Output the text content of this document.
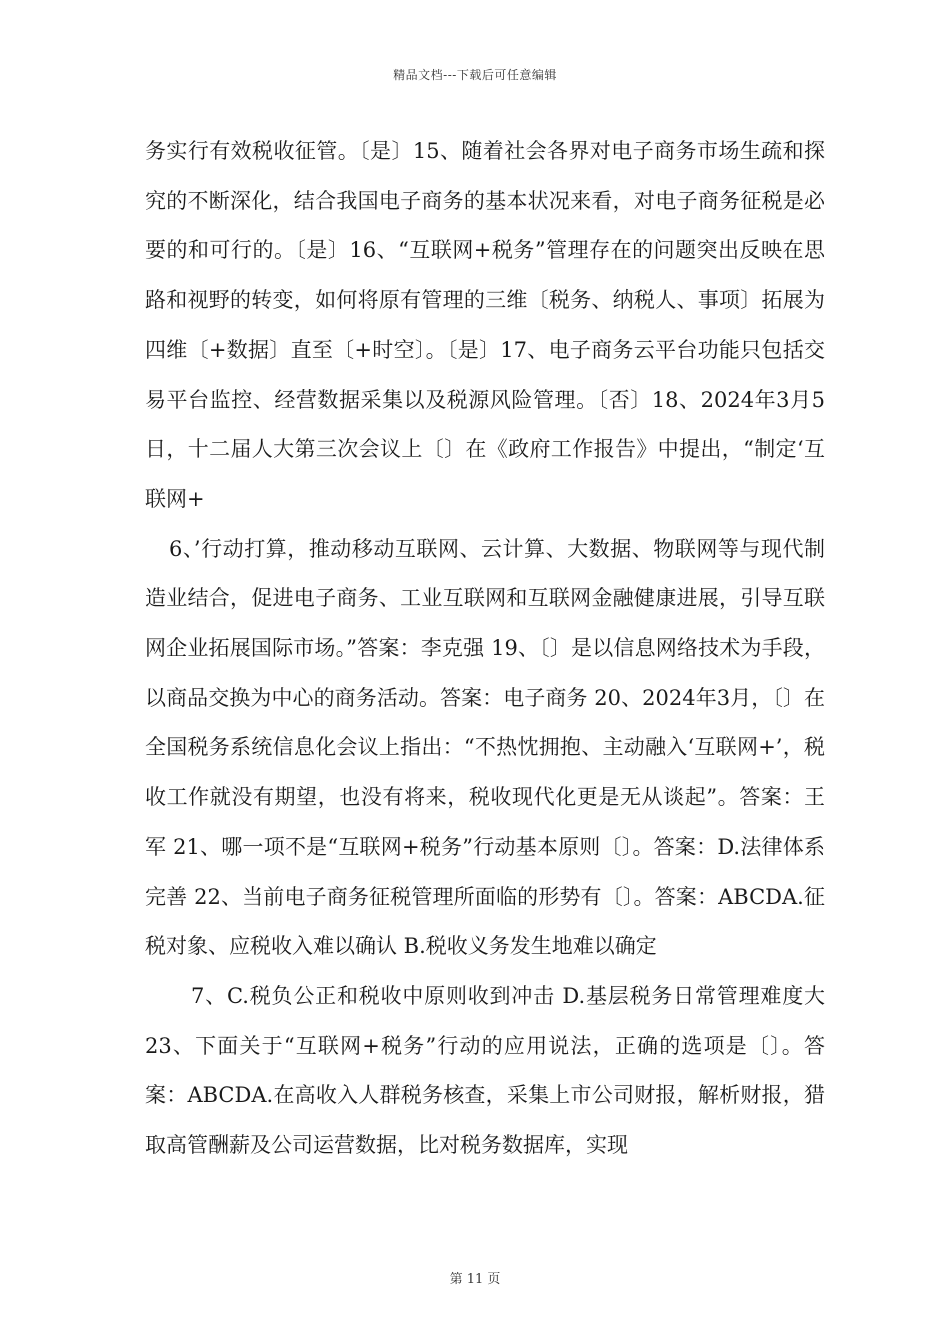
精品文档---下载后可任意编辑

务实行有效税收征管。〔是〕15、随着社会各界对电子商务市场生疏和探究的不断深化，结合我国电子商务的基本状况来看，对电子商务征税是必要的和可行的。〔是〕16、“互联网+税务”管理存在的问题突出反映在思路和视野的转变，如何将原有管理的三维〔税务、纳税人、事项〕拓展为四维〔+数据〕直至〔+时空〕。〔是〕17、电子商务云平台功能只包括交易平台监控、经营数据采集以及税源风险管理。〔否〕18、2024年3月5日，十二届人大第三次会议上〔〕在《政府工作报告》中提出，“制定‘互联网+

6、’行动打算，推动移动互联网、云计算、大数据、物联网等与现代制造业结合，促进电子商务、工业互联网和互联网金融健康进展，引导互联网企业拓展国际市场。”答案：李克强 19、〔〕是以信息网络技术为手段，以商品交换为中心的商务活动。答案：电子商务 20、2024年3月，〔〕在全国税务系统信息化会议上指出：“不热忱拥抱、主动融入‘互联网+’，税收工作就没有期望，也没有将来，税收现代化更是无从谈起”。答案：王军 21、哪一项不是“互联网+税务”行动基本原则〔〕。答案：D.法律体系完善 22、当前电子商务征税管理所面临的形势有〔〕。答案：ABCDA.征税对象、应税收入难以确认 B.税收义务发生地难以确定

7、C.税负公正和税收中原则收到冲击 D.基层税务日常管理难度大 23、下面关于“互联网+税务”行动的应用说法，正确的选项是〔〕。答案：ABCDA.在高收入人群税务核查，采集上市公司财报，解析财报，猎取高管酬薪及公司运营数据，比对税务数据库，实现

第 11 页
